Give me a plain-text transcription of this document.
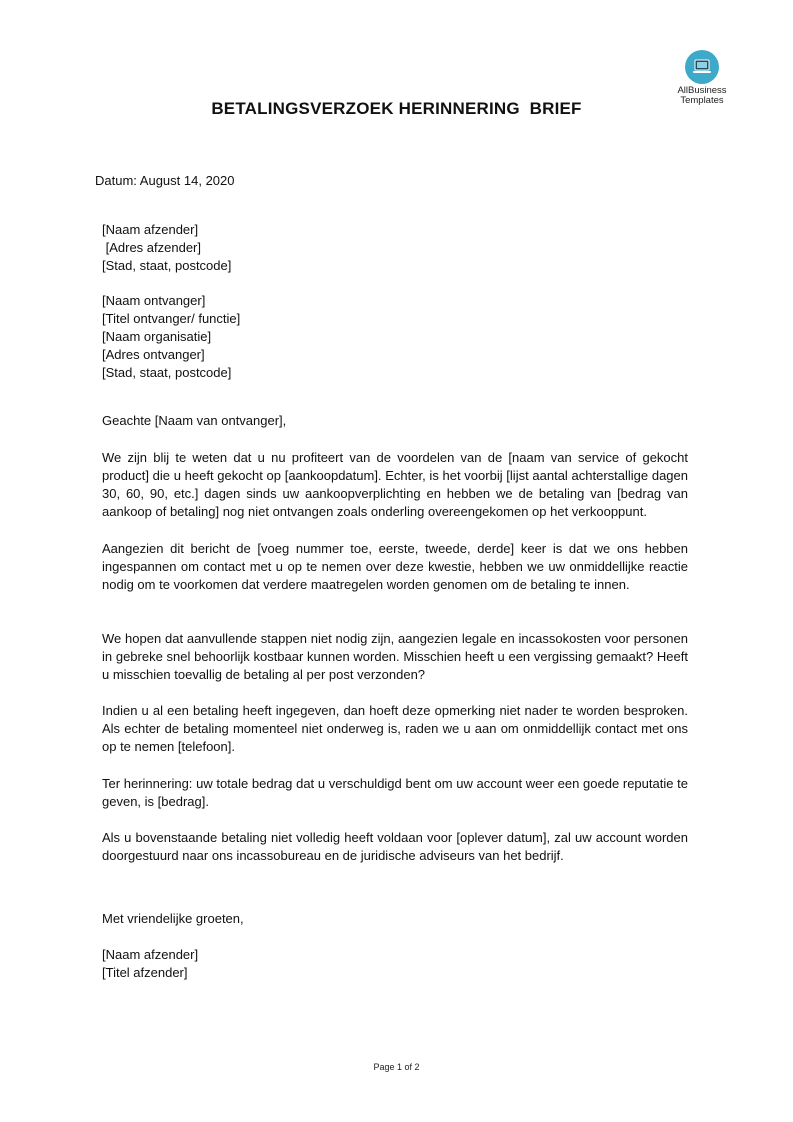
AllBusiness
Templates
BETALINGSVERZOEK HERINNERING  BRIEF
Datum: August 14, 2020
[Naam afzender]
[Adres afzender]
[Stad, staat, postcode]
[Naam ontvanger]
[Titel ontvanger/ functie]
[Naam organisatie]
[Adres ontvanger]
[Stad, staat, postcode]
Geachte [Naam van ontvanger],
We zijn blij te weten dat u nu profiteert van de voordelen van de [naam van service of gekocht product] die u heeft gekocht op [aankoopdatum]. Echter, is het voorbij [lijst aantal achterstallige dagen 30, 60, 90, etc.] dagen sinds uw aankoopverplichting en hebben we de betaling van [bedrag van aankoop of betaling] nog niet ontvangen zoals onderling overeengekomen op het verkooppunt.
Aangezien dit bericht de [voeg nummer toe, eerste, tweede, derde] keer is dat we ons hebben ingespannen om contact met u op te nemen over deze kwestie, hebben we uw onmiddellijke reactie nodig om te voorkomen dat verdere maatregelen worden genomen om de betaling te innen.
We hopen dat aanvullende stappen niet nodig zijn, aangezien legale en incassokosten voor personen in gebreke snel behoorlijk kostbaar kunnen worden. Misschien heeft u een vergissing gemaakt? Heeft u misschien toevallig de betaling al per post verzonden?
Indien u al een betaling heeft ingegeven, dan hoeft deze opmerking niet nader te worden besproken. Als echter de betaling momenteel niet onderweg is, raden we u aan om onmiddellijk contact met ons op te nemen [telefoon].
Ter herinnering: uw totale bedrag dat u verschuldigd bent om uw account weer een goede reputatie te geven, is [bedrag].
Als u bovenstaande betaling niet volledig heeft voldaan voor [oplever datum], zal uw account worden doorgestuurd naar ons incassobureau en de juridische adviseurs van het bedrijf.
Met vriendelijke groeten,
[Naam afzender]
[Titel afzender]
Page 1 of 2
